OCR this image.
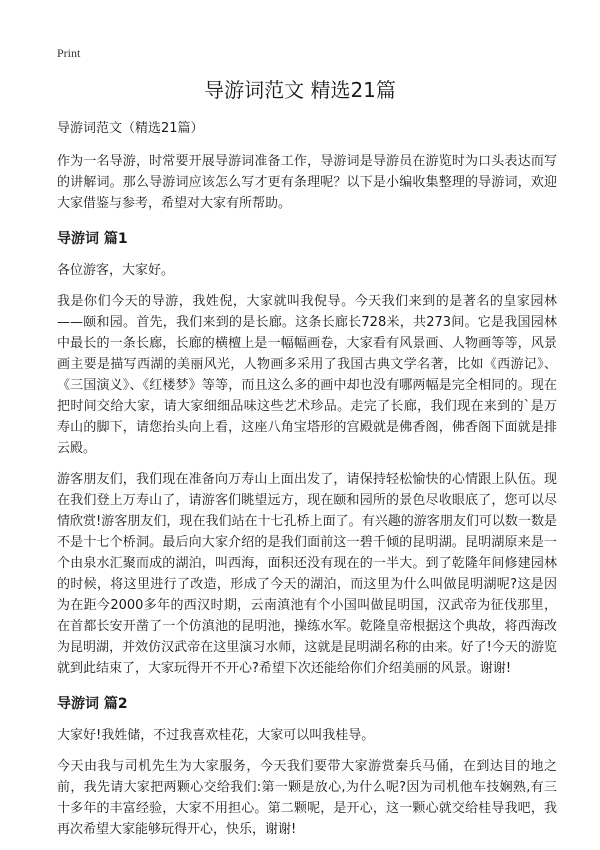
Print
导游词范文 精选21篇

导游词范文（精选21篇）

作为一名导游，时常要开展导游词准备工作，导游词是导游员在游览时为口头表达而写的讲解词。那么导游词应该怎么写才更有条理呢？以下是小编收集整理的导游词，欢迎大家借鉴与参考，希望对大家有所帮助。

导游词 篇1

各位游客，大家好。

我是你们今天的导游，我姓倪，大家就叫我倪导。今天我们来到的是著名的皇家园林——颐和园。首先，我们来到的是长廊。这条长廊长728米，共273间。它是我国园林中最长的一条长廊，长廊的横檀上是一幅幅画卷，大家看有风景画、人物画等等，风景画主要是描写西湖的美丽风光，人物画多采用了我国古典文学名著，比如《西游记》、《三国演义》、《红楼梦》等等，而且这么多的画中却也没有哪两幅是完全相同的。现在把时间交给大家，请大家细细品味这些艺术珍品。走完了长廊，我们现在来到的`是万寿山的脚下，请您抬头向上看，这座八角宝塔形的宫殿就是佛香阁，佛香阁下面就是排云殿。

游客朋友们，我们现在准备向万寿山上面出发了，请保持轻松愉快的心情跟上队伍。现在我们登上万寿山了，请游客们眺望远方，现在颐和园所的景色尽收眼底了，您可以尽情欣赏!游客朋友们，现在我们站在十七孔桥上面了。有兴趣的游客朋友们可以数一数是不是十七个桥洞。最后向大家介绍的是我们面前这一碧千倾的昆明湖。昆明湖原来是一个由泉水汇聚而成的湖泊，叫西海，面积还没有现在的一半大。到了乾隆年间修建园林的时候，将这里进行了改造，形成了今天的湖泊，而这里为什么叫做昆明湖呢?这是因为在距今2000多年的西汉时期，云南滇池有个小国叫做昆明国，汉武帝为征伐那里，在首都长安开凿了一个仿滇池的昆明池，操练水军。乾隆皇帝根据这个典故，将西海改为昆明湖，并效仿汉武帝在这里演习水师，这就是昆明湖名称的由来。好了!今天的游览就到此结束了，大家玩得开不开心?希望下次还能给你们介绍美丽的风景。谢谢!

导游词 篇2

大家好!我姓储，不过我喜欢桂花，大家可以叫我桂导。

今天由我与司机先生为大家服务，今天我们要带大家游赏秦兵马俑，在到达目的地之前，我先请大家把两颗心交给我们:第一颗是放心,为什么呢?因为司机他车技娴熟,有三十多年的丰富经验，大家不用担心。第二颗呢，是开心，这一颗心就交给桂导我吧，我再次希望大家能够玩得开心，快乐，谢谢!
